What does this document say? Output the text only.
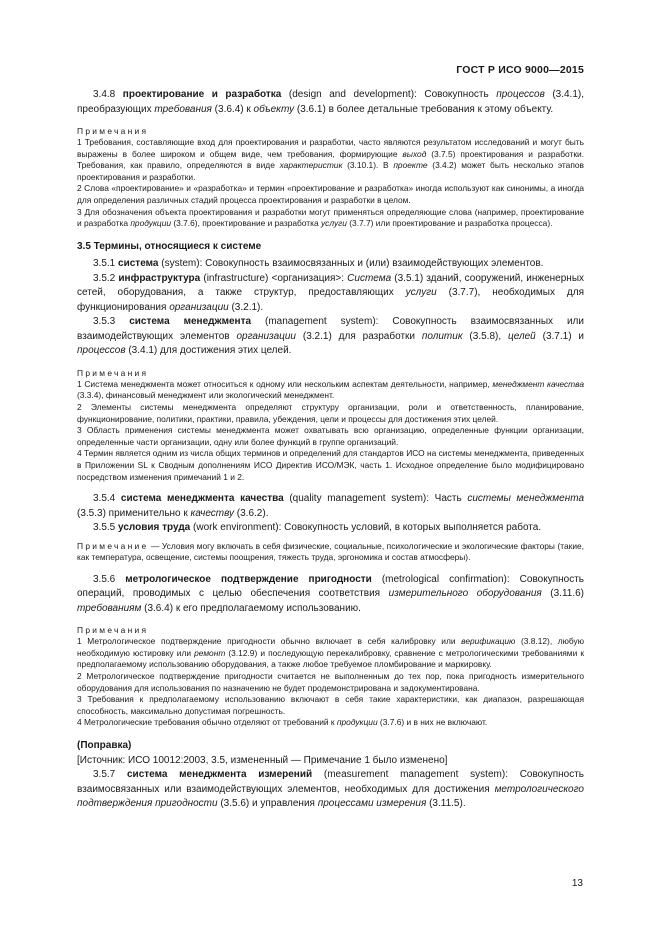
ГОСТ Р ИСО 9000—2015

3.4.8 проектирование и разработка (design and development): Совокупность процессов (3.4.1), преобразующих требования (3.6.4) к объекту (3.6.1) в более детальные требования к этому объекту.

Примечания

1 Требования, составляющие вход для проектирования и разработки, часто являются результатом исследований и могут быть выражены в более широком и общем виде, чем требования, формирующие выход (3.7.5) проектирования и разработки. Требования, как правило, определяются в виде характеристик (3.10.1). В проекте (3.4.2) может быть несколько этапов проектирования и разработки.

2 Слова «проектирование» и «разработка» и термин «проектирование и разработка» иногда используют как синонимы, а иногда для определения различных стадий процесса проектирования и разработки в целом.

3 Для обозначения объекта проектирования и разработки могут применяться определяющие слова (например, проектирование и разработка продукции (3.7.6), проектирование и разработка услуги (3.7.7) или проектирование и разработка процесса).

3.5 Термины, относящиеся к системе

3.5.1 система (system): Совокупность взаимосвязанных и (или) взаимодействующих элементов.

3.5.2 инфраструктура (infrastructure) <организация>: Система (3.5.1) зданий, сооружений, инженерных сетей, оборудования, а также структур, предоставляющих услуги (3.7.7), необходимых для функционирования организации (3.2.1).

3.5.3 система менеджмента (management system): Совокупность взаимосвязанных или взаимодействующих элементов организации (3.2.1) для разработки политик (3.5.8), целей (3.7.1) и процессов (3.4.1) для достижения этих целей.

Примечания

1 Система менеджмента может относиться к одному или нескольким аспектам деятельности, например, менеджмент качества (3.3.4), финансовый менеджмент или экологический менеджмент.

2 Элементы системы менеджмента определяют структуру организации, роли и ответственность, планирование, функционирование, политики, практики, правила, убеждения, цели и процессы для достижения этих целей.

3 Область применения системы менеджмента может охватывать всю организацию, определенные функции организации, определенные части организации, одну или более функций в группе организаций.

4 Термин является одним из числа общих терминов и определений для стандартов ИСО на системы менеджмента, приведенных в Приложении SL к Сводным дополнениям ИСО Директив ИСО/МЭК, часть 1. Исходное определение было модифицировано посредством изменения примечаний 1 и 2.

3.5.4 система менеджмента качества (quality management system): Часть системы менеджмента (3.5.3) применительно к качеству (3.6.2).

3.5.5 условия труда (work environment): Совокупность условий, в которых выполняется работа.

Примечание — Условия могу включать в себя физические, социальные, психологические и экологические факторы (такие, как температура, освещение, системы поощрения, тяжесть труда, эргономика и состав атмосферы).

3.5.6 метрологическое подтверждение пригодности (metrological confirmation): Совокупность операций, проводимых с целью обеспечения соответствия измерительного оборудования (3.11.6) требованиям (3.6.4) к его предполагаемому использованию.

Примечания

1 Метрологическое подтверждение пригодности обычно включает в себя калибровку или верификацию (3.8.12), любую необходимую юстировку или ремонт (3.12.9) и последующую перекалибровку, сравнение с метрологическими требованиями к предполагаемому использованию оборудования, а также любое требуемое пломбирование и маркировку.

2 Метрологическое подтверждение пригодности считается не выполненным до тех пор, пока пригодность измерительного оборудования для использования по назначению не будет продемонстрирована и задокументирована.

3 Требования к предполагаемому использованию включают в себя такие характеристики, как диапазон, разрешающая способность, максимально допустимая погрешность.

4 Метрологические требования обычно отделяют от требований к продукции (3.7.6) и в них не включают.

(Поправка)

[Источник: ИСО 10012:2003, 3.5, измененный — Примечание 1 было изменено]

3.5.7 система менеджмента измерений (measurement management system): Совокупность взаимосвязанных или взаимодействующих элементов, необходимых для достижения метрологического подтверждения пригодности (3.5.6) и управления процессами измерения (3.11.5).

13
